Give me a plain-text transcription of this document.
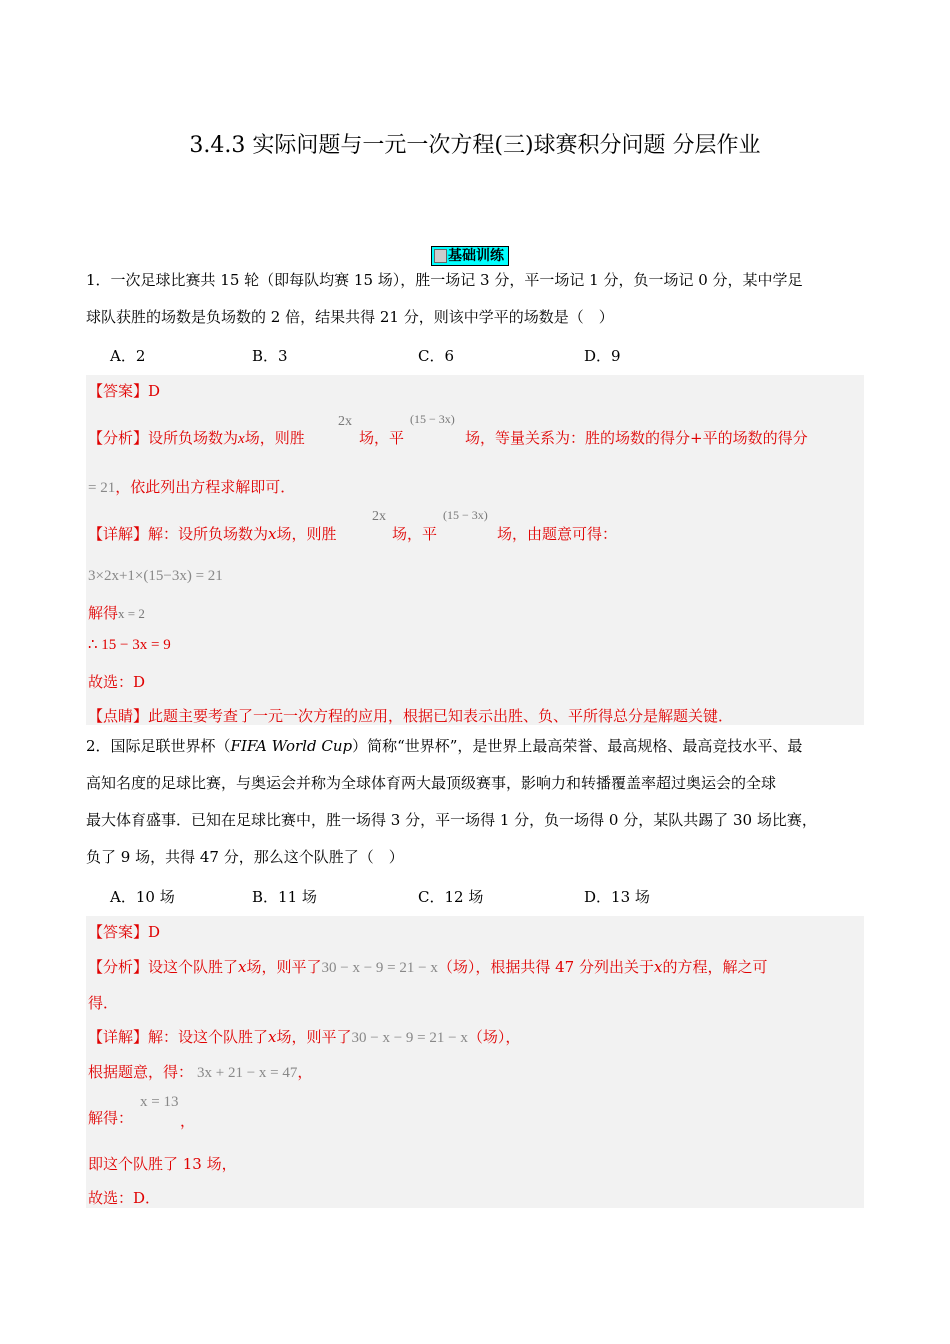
3.4.3 实际问题与一元一次方程(三)球赛积分问题 分层作业
基础训练
1．一次足球比赛共 15 轮（即每队均赛 15 场），胜一场记 3 分，平一场记 1 分，负一场记 0 分，某中学足
球队获胜的场数是负场数的 2 倍，结果共得 21 分，则该中学平的场数是（　）
A．2	B．3	C．6	D．9
【答案】D
【分析】设所负场数为x场，则胜
2x
场，平
(15 − 3x)
场，等量关系为：胜的场数的得分+平的场数的得分
= 21，依此列出方程求解即可．
【详解】解：设所负场数为x场，则胜
2x
场，平
(15 − 3x)
场，由题意可得：
3×2x+1×(15−3x) = 21
解得x = 2
∴ 15 − 3x = 9
故选：D
【点睛】此题主要考查了一元一次方程的应用，根据已知表示出胜、负、平所得总分是解题关键．
2．国际足联世界杯（FIFA World Cup）简称“世界杯”，是世界上最高荣誉、最高规格、最高竞技水平、最
高知名度的足球比赛，与奥运会并称为全球体育两大最顶级赛事，影响力和转播覆盖率超过奥运会的全球
最大体育盛事．已知在足球比赛中，胜一场得 3 分，平一场得 1 分，负一场得 0 分，某队共踢了 30 场比赛，
负了 9 场，共得 47 分，那么这个队胜了（　）
A．10 场	B．11 场	C．12 场	D．13 场
【答案】D
【分析】设这个队胜了x场，则平了30 − x − 9 = 21 − x（场），根据共得 47 分列出关于x的方程，解之可
得．
【详解】解：设这个队胜了x场，则平了30 − x − 9 = 21 − x（场），
根据题意，得： 3x + 21 − x = 47，
解得：
x = 13
，
即这个队胜了 13 场，
故选：D．
